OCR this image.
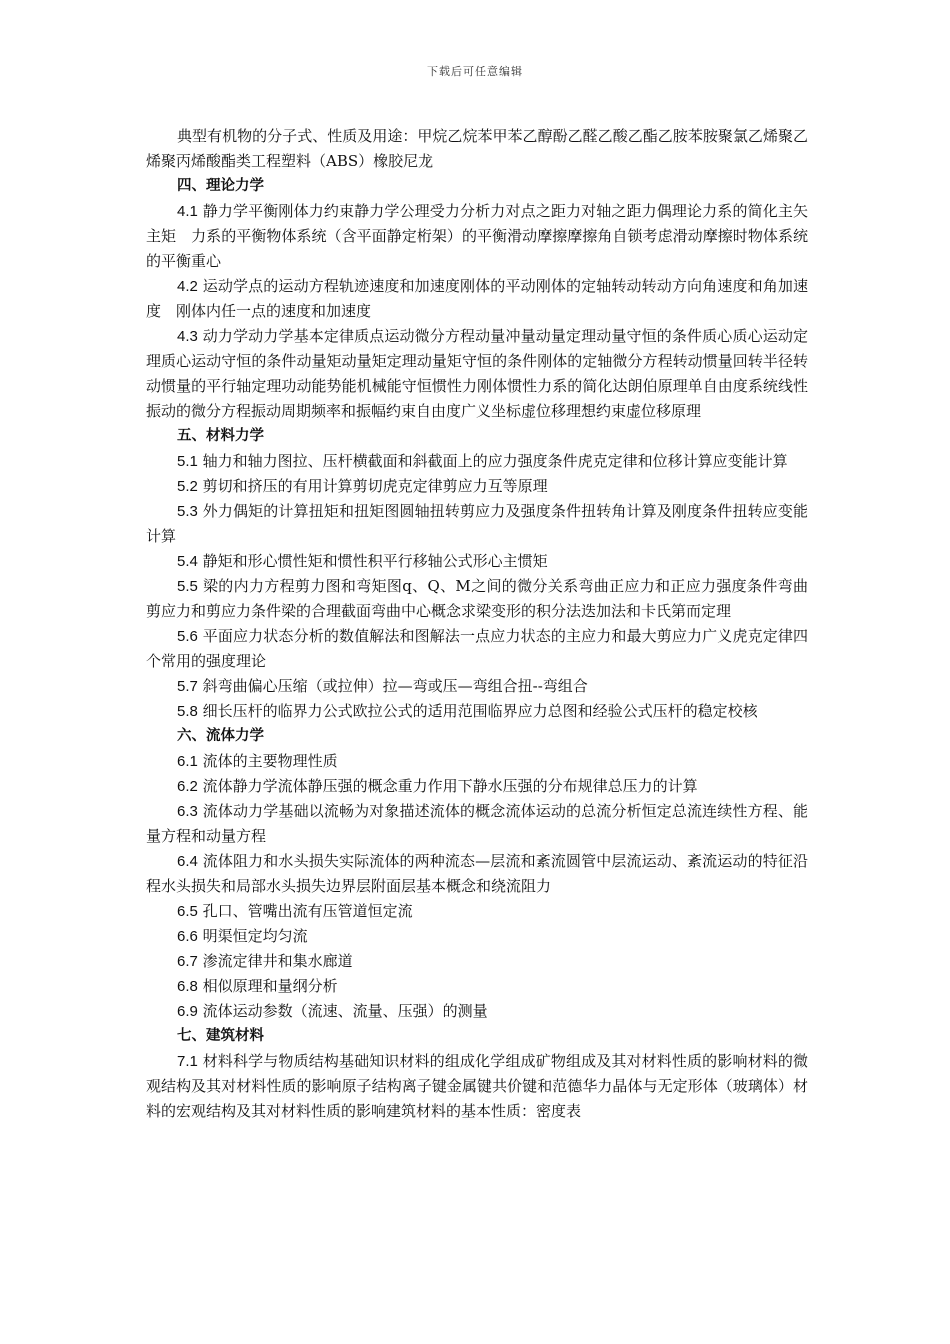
下载后可任意编辑

典型有机物的分子式、性质及用途：甲烷乙烷苯甲苯乙醇酚乙醛乙酸乙酯乙胺苯胺聚氯乙烯聚乙烯聚丙烯酸酯类工程塑料（ABS）橡胶尼龙

四、理论力学

4.1 静力学平衡刚体力约束静力学公理受力分析力对点之距力对轴之距力偶理论力系的简化主矢主矩　力系的平衡物体系统（含平面静定桁架）的平衡滑动摩擦摩擦角自锁考虑滑动摩擦时物体系统的平衡重心

4.2 运动学点的运动方程轨迹速度和加速度刚体的平动刚体的定轴转动转动方向角速度和角加速度　刚体内任一点的速度和加速度

4.3 动力学动力学基本定律质点运动微分方程动量冲量动量定理动量守恒的条件质心质心运动定理质心运动守恒的条件动量矩动量矩定理动量矩守恒的条件刚体的定轴微分方程转动惯量回转半径转动惯量的平行轴定理功动能势能机械能守恒惯性力刚体惯性力系的简化达朗伯原理单自由度系统线性振动的微分方程振动周期频率和振幅约束自由度广义坐标虚位移理想约束虚位移原理

五、材料力学

5.1 轴力和轴力图拉、压杆横截面和斜截面上的应力强度条件虎克定律和位移计算应变能计算

5.2 剪切和挤压的有用计算剪切虎克定律剪应力互等原理

5.3 外力偶矩的计算扭矩和扭矩图圆轴扭转剪应力及强度条件扭转角计算及刚度条件扭转应变能计算

5.4 静矩和形心惯性矩和惯性积平行移轴公式形心主惯矩

5.5 梁的内力方程剪力图和弯矩图q、Q、M之间的微分关系弯曲正应力和正应力强度条件弯曲剪应力和剪应力条件梁的合理截面弯曲中心概念求梁变形的积分法迭加法和卡氏第而定理

5.6 平面应力状态分析的数值解法和图解法一点应力状态的主应力和最大剪应力广义虎克定律四个常用的强度理论

5.7 斜弯曲偏心压缩（或拉伸）拉—弯或压—弯组合扭--弯组合

5.8 细长压杆的临界力公式欧拉公式的适用范围临界应力总图和经验公式压杆的稳定校核

六、流体力学

6.1 流体的主要物理性质

6.2 流体静力学流体静压强的概念重力作用下静水压强的分布规律总压力的计算

6.3 流体动力学基础以流畅为对象描述流体的概念流体运动的总流分析恒定总流连续性方程、能量方程和动量方程

6.4 流体阻力和水头损失实际流体的两种流态—层流和紊流圆管中层流运动、紊流运动的特征沿程水头损失和局部水头损失边界层附面层基本概念和绕流阻力

6.5 孔口、管嘴出流有压管道恒定流

6.6 明渠恒定均匀流

6.7 渗流定律井和集水廊道

6.8 相似原理和量纲分析

6.9 流体运动参数（流速、流量、压强）的测量

七、建筑材料

7.1 材料科学与物质结构基础知识材料的组成化学组成矿物组成及其对材料性质的影响材料的微观结构及其对材料性质的影响原子结构离子键金属键共价键和范德华力晶体与无定形体（玻璃体）材料的宏观结构及其对材料性质的影响建筑材料的基本性质：密度表
